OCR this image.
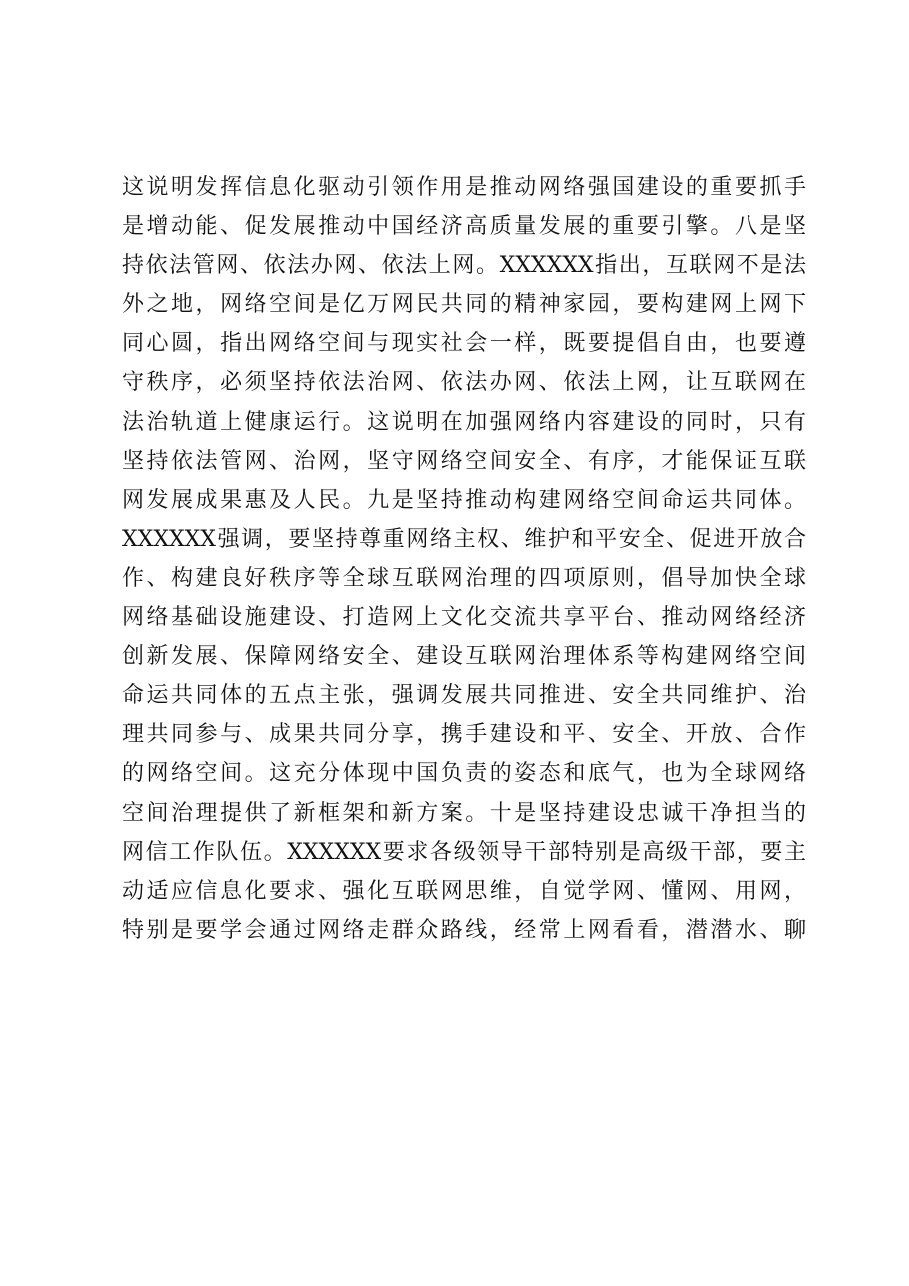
这说明发挥信息化驱动引领作用是推动网络强国建设的重要抓手
是增动能、促发展推动中国经济高质量发展的重要引擎。八是坚
持依法管网、依法办网、依法上网。XXXXXX指出，互联网不是法
外之地，网络空间是亿万网民共同的精神家园，要构建网上网下
同心圆，指出网络空间与现实社会一样，既要提倡自由，也要遵
守秩序，必须坚持依法治网、依法办网、依法上网，让互联网在
法治轨道上健康运行。这说明在加强网络内容建设的同时，只有
坚持依法管网、治网，坚守网络空间安全、有序，才能保证互联
网发展成果惠及人民。九是坚持推动构建网络空间命运共同体。
XXXXXX强调，要坚持尊重网络主权、维护和平安全、促进开放合
作、构建良好秩序等全球互联网治理的四项原则，倡导加快全球
网络基础设施建设、打造网上文化交流共享平台、推动网络经济
创新发展、保障网络安全、建设互联网治理体系等构建网络空间
命运共同体的五点主张，强调发展共同推进、安全共同维护、治
理共同参与、成果共同分享，携手建设和平、安全、开放、合作
的网络空间。这充分体现中国负责的姿态和底气，也为全球网络
空间治理提供了新框架和新方案。十是坚持建设忠诚干净担当的
网信工作队伍。XXXXXX要求各级领导干部特别是高级干部，要主
动适应信息化要求、强化互联网思维，自觉学网、懂网、用网，
特别是要学会通过网络走群众路线，经常上网看看，潜潜水、聊
